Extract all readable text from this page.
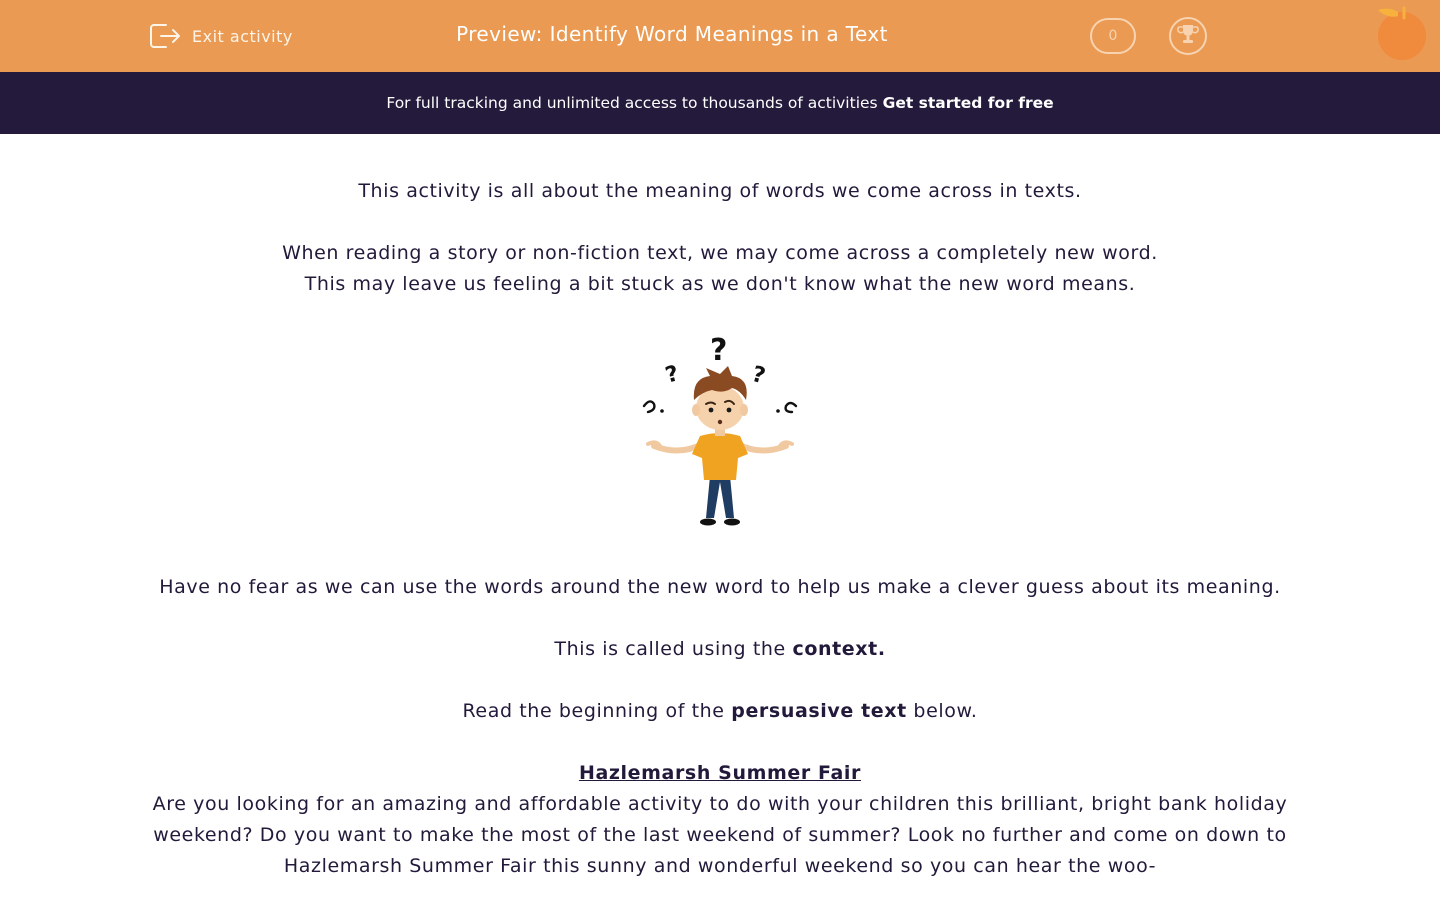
Exit activity	Preview: Identify Word Meanings in a Text	0
For full tracking and unlimited access to thousands of activities Get started for free

This activity is all about the meaning of words we come across in texts.

When reading a story or non-fiction text, we may come across a completely new word.

This may leave us feeling a bit stuck as we don't know what the new word means.

?
?	?

Have no fear as we can use the words around the new word to help us make a clever guess about its meaning.

This is called using the context.

Read the beginning of the persuasive text below.

Hazlemarsh Summer Fair

Are you looking for an amazing and affordable activity to do with your children this brilliant, bright bank holiday weekend? Do you want to make the most of the last weekend of summer? Look no further and come on down to Hazlemarsh Summer Fair this sunny and wonderful weekend so you can hear the woo-
